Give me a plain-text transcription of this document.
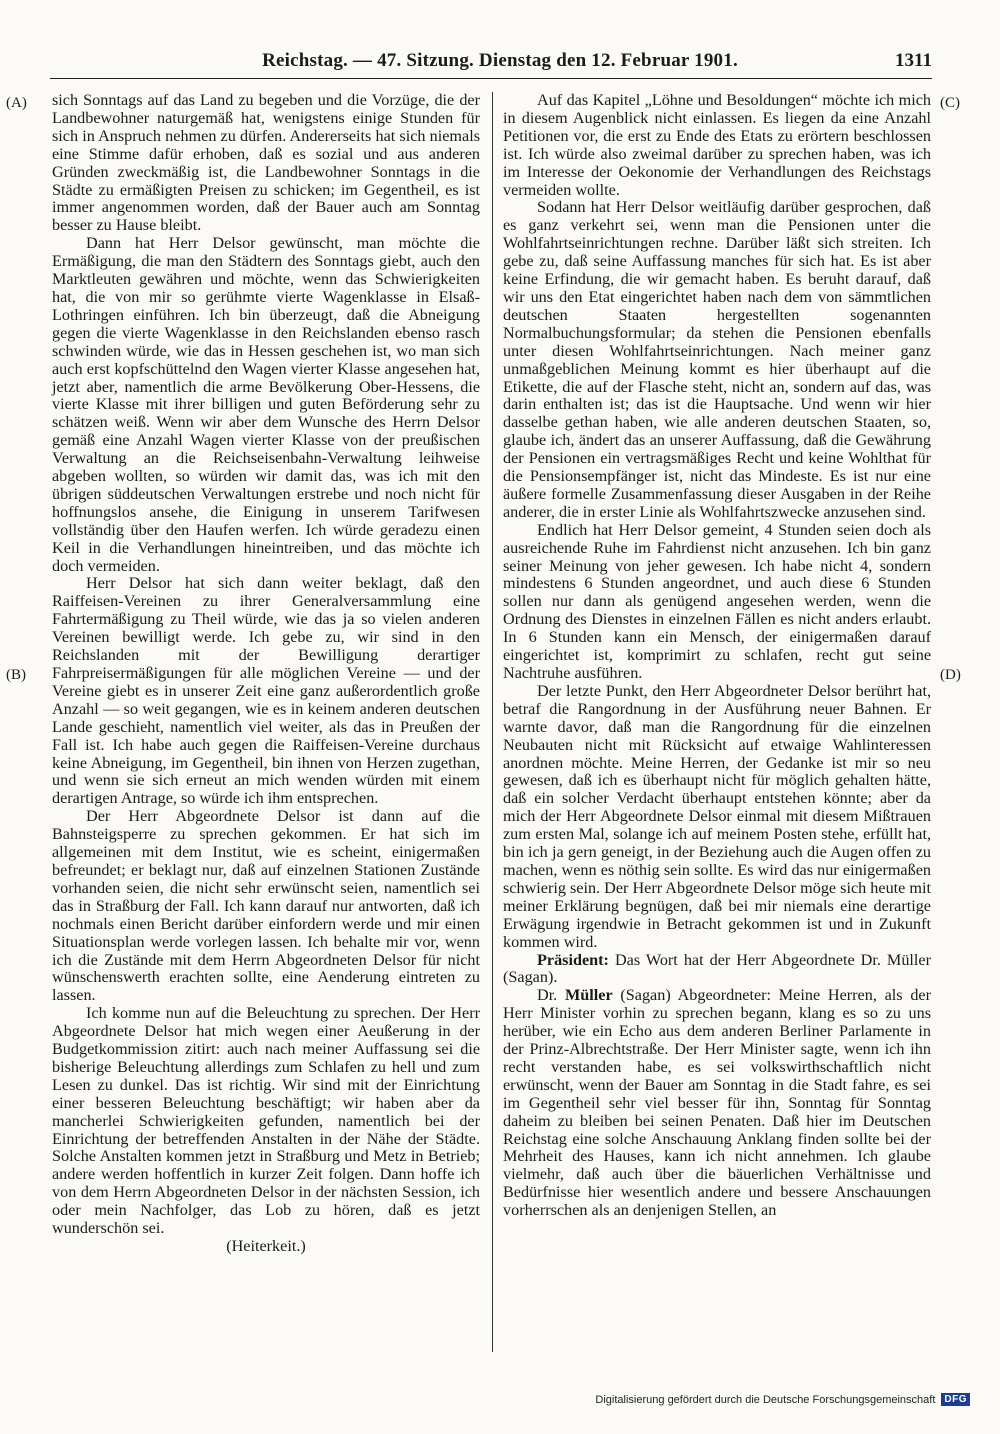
Reichstag. — 47. Sitzung. Dienstag den 12. Februar 1901.	1311
(A)
(B)
(C)
(D)

sich Sonntags auf das Land zu begeben und die Vorzüge, die der Landbewohner naturgemäß hat, wenigstens einige Stunden für sich in Anspruch nehmen zu dürfen. Andererseits hat sich niemals eine Stimme dafür erhoben, daß es sozial und aus anderen Gründen zweckmäßig ist, die Landbewohner Sonntags in die Städte zu ermäßigten Preisen zu schicken; im Gegentheil, es ist immer angenommen worden, daß der Bauer auch am Sonntag besser zu Hause bleibt.

Dann hat Herr Delsor gewünscht, man möchte die Ermäßigung, die man den Städtern des Sonntags giebt, auch den Marktleuten gewähren und möchte, wenn das Schwierigkeiten hat, die von mir so gerühmte vierte Wagenklasse in Elsaß-Lothringen einführen. Ich bin überzeugt, daß die Abneigung gegen die vierte Wagenklasse in den Reichslanden ebenso rasch schwinden würde, wie das in Hessen geschehen ist, wo man sich auch erst kopfschüttelnd den Wagen vierter Klasse angesehen hat, jetzt aber, namentlich die arme Bevölkerung Ober-Hessens, die vierte Klasse mit ihrer billigen und guten Beförderung sehr zu schätzen weiß. Wenn wir aber dem Wunsche des Herrn Delsor gemäß eine Anzahl Wagen vierter Klasse von der preußischen Verwaltung an die Reichseisenbahn-Verwaltung leihweise abgeben wollten, so würden wir damit das, was ich mit den übrigen süddeutschen Verwaltungen erstrebe und noch nicht für hoffnungslos ansehe, die Einigung in unserem Tarifwesen vollständig über den Haufen werfen. Ich würde geradezu einen Keil in die Verhandlungen hineintreiben, und das möchte ich doch vermeiden.

Herr Delsor hat sich dann weiter beklagt, daß den Raiffeisen-Vereinen zu ihrer Generalversammlung eine Fahrtermäßigung zu Theil würde, wie das ja so vielen anderen Vereinen bewilligt werde. Ich gebe zu, wir sind in den Reichslanden mit der Bewilligung derartiger Fahrpreisermäßigungen für alle möglichen Vereine — und der Vereine giebt es in unserer Zeit eine ganz außerordentlich große Anzahl — so weit gegangen, wie es in keinem anderen deutschen Lande geschieht, namentlich viel weiter, als das in Preußen der Fall ist. Ich habe auch gegen die Raiffeisen-Vereine durchaus keine Abneigung, im Gegentheil, bin ihnen von Herzen zugethan, und wenn sie sich erneut an mich wenden würden mit einem derartigen Antrage, so würde ich ihm entsprechen.

Der Herr Abgeordnete Delsor ist dann auf die Bahnsteigsperre zu sprechen gekommen. Er hat sich im allgemeinen mit dem Institut, wie es scheint, einigermaßen befreundet; er beklagt nur, daß auf einzelnen Stationen Zustände vorhanden seien, die nicht sehr erwünscht seien, namentlich sei das in Straßburg der Fall. Ich kann darauf nur antworten, daß ich nochmals einen Bericht darüber einfordern werde und mir einen Situationsplan werde vorlegen lassen. Ich behalte mir vor, wenn ich die Zustände mit dem Herrn Abgeordneten Delsor für nicht wünschenswerth erachten sollte, eine Aenderung eintreten zu lassen.

Ich komme nun auf die Beleuchtung zu sprechen. Der Herr Abgeordnete Delsor hat mich wegen einer Aeußerung in der Budgetkommission zitirt: auch nach meiner Auffassung sei die bisherige Beleuchtung allerdings zum Schlafen zu hell und zum Lesen zu dunkel. Das ist richtig. Wir sind mit der Einrichtung einer besseren Beleuchtung beschäftigt; wir haben aber da mancherlei Schwierigkeiten gefunden, namentlich bei der Einrichtung der betreffenden Anstalten in der Nähe der Städte. Solche Anstalten kommen jetzt in Straßburg und Metz in Betrieb; andere werden hoffentlich in kurzer Zeit folgen. Dann hoffe ich von dem Herrn Abgeordneten Delsor in der nächsten Session, ich oder mein Nachfolger, das Lob zu hören, daß es jetzt wunderschön sei.

(Heiterkeit.)

Auf das Kapitel „Löhne und Besoldungen“ möchte ich mich in diesem Augenblick nicht einlassen. Es liegen da eine Anzahl Petitionen vor, die erst zu Ende des Etats zu erörtern beschlossen ist. Ich würde also zweimal darüber zu sprechen haben, was ich im Interesse der Oekonomie der Verhandlungen des Reichstags vermeiden wollte.

Sodann hat Herr Delsor weitläufig darüber gesprochen, daß es ganz verkehrt sei, wenn man die Pensionen unter die Wohlfahrtseinrichtungen rechne. Darüber läßt sich streiten. Ich gebe zu, daß seine Auffassung manches für sich hat. Es ist aber keine Erfindung, die wir gemacht haben. Es beruht darauf, daß wir uns den Etat eingerichtet haben nach dem von sämmtlichen deutschen Staaten hergestellten sogenannten Normalbuchungsformular; da stehen die Pensionen ebenfalls unter diesen Wohlfahrtseinrichtungen. Nach meiner ganz unmaßgeblichen Meinung kommt es hier überhaupt auf die Etikette, die auf der Flasche steht, nicht an, sondern auf das, was darin enthalten ist; das ist die Hauptsache. Und wenn wir hier dasselbe gethan haben, wie alle anderen deutschen Staaten, so, glaube ich, ändert das an unserer Auffassung, daß die Gewährung der Pensionen ein vertragsmäßiges Recht und keine Wohlthat für die Pensionsempfänger ist, nicht das Mindeste. Es ist nur eine äußere formelle Zusammenfassung dieser Ausgaben in der Reihe anderer, die in erster Linie als Wohlfahrtszwecke anzusehen sind.

Endlich hat Herr Delsor gemeint, 4 Stunden seien doch als ausreichende Ruhe im Fahrdienst nicht anzusehen. Ich bin ganz seiner Meinung von jeher gewesen. Ich habe nicht 4, sondern mindestens 6 Stunden angeordnet, und auch diese 6 Stunden sollen nur dann als genügend angesehen werden, wenn die Ordnung des Dienstes in einzelnen Fällen es nicht anders erlaubt. In 6 Stunden kann ein Mensch, der einigermaßen darauf eingerichtet ist, komprimirt zu schlafen, recht gut seine Nachtruhe ausführen.

Der letzte Punkt, den Herr Abgeordneter Delsor berührt hat, betraf die Rangordnung in der Ausführung neuer Bahnen. Er warnte davor, daß man die Rangordnung für die einzelnen Neubauten nicht mit Rücksicht auf etwaige Wahlinteressen anordnen möchte. Meine Herren, der Gedanke ist mir so neu gewesen, daß ich es überhaupt nicht für möglich gehalten hätte, daß ein solcher Verdacht überhaupt entstehen könnte; aber da mich der Herr Abgeordnete Delsor einmal mit diesem Mißtrauen zum ersten Mal, solange ich auf meinem Posten stehe, erfüllt hat, bin ich ja gern geneigt, in der Beziehung auch die Augen offen zu machen, wenn es nöthig sein sollte. Es wird das nur einigermaßen schwierig sein. Der Herr Abgeordnete Delsor möge sich heute mit meiner Erklärung begnügen, daß bei mir niemals eine derartige Erwägung irgendwie in Betracht gekommen ist und in Zukunft kommen wird.

Präsident: Das Wort hat der Herr Abgeordnete Dr. Müller (Sagan).

Dr. Müller (Sagan) Abgeordneter: Meine Herren, als der Herr Minister vorhin zu sprechen begann, klang es so zu uns herüber, wie ein Echo aus dem anderen Berliner Parlamente in der Prinz-Albrechtstraße. Der Herr Minister sagte, wenn ich ihn recht verstanden habe, es sei volkswirthschaftlich nicht erwünscht, wenn der Bauer am Sonntag in die Stadt fahre, es sei im Gegentheil sehr viel besser für ihn, Sonntag für Sonntag daheim zu bleiben bei seinen Penaten. Daß hier im Deutschen Reichstag eine solche Anschauung Anklang finden sollte bei der Mehrheit des Hauses, kann ich nicht annehmen. Ich glaube vielmehr, daß auch über die bäuerlichen Verhältnisse und Bedürfnisse hier wesentlich andere und bessere Anschauungen vorherrschen als an denjenigen Stellen, an

Digitalisierung gefördert durch die Deutsche Forschungsgemeinschaft DFG
